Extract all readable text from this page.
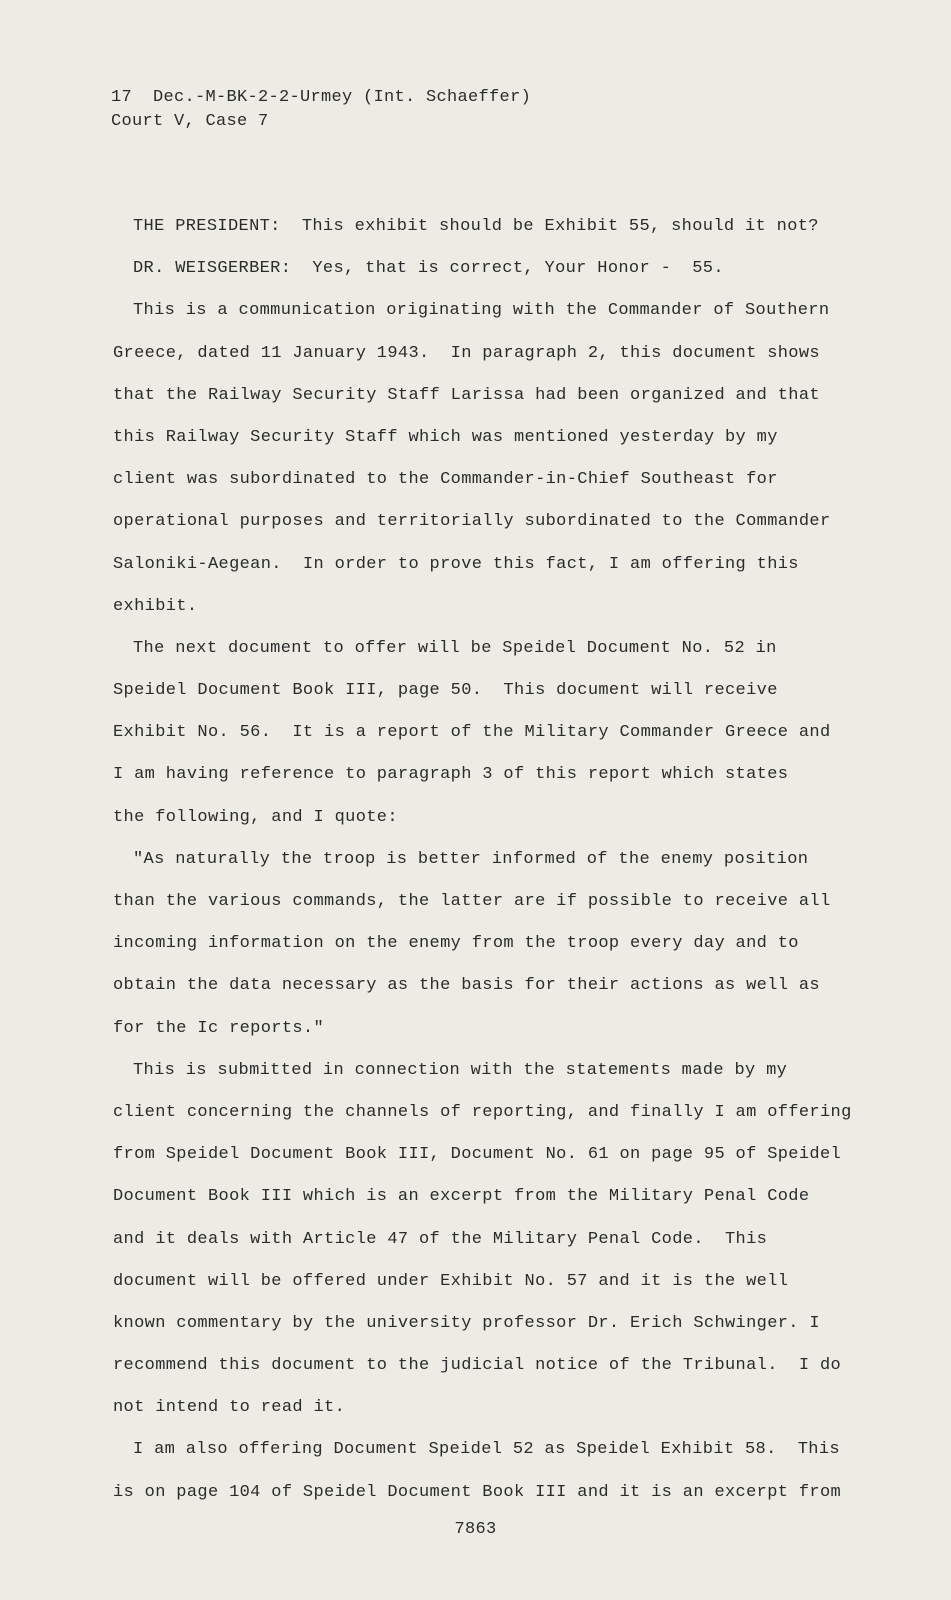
17  Dec.-M-BK-2-2-Urmey (Int. Schaeffer)
Court V, Case 7
THE PRESIDENT:  This exhibit should be Exhibit 55, should it not?
DR. WEISGERBER:  Yes, that is correct, Your Honor -  55.
This is a communication originating with the Commander of Southern
Greece, dated 11 January 1943.  In paragraph 2, this document shows
that the Railway Security Staff Larissa had been organized and that
this Railway Security Staff which was mentioned yesterday by my
client was subordinated to the Commander-in-Chief Southeast for
operational purposes and territorially subordinated to the Commander
Saloniki-Aegean.  In order to prove this fact, I am offering this
exhibit.
The next document to offer will be Speidel Document No. 52 in
Speidel Document Book III, page 50.  This document will receive
Exhibit No. 56.  It is a report of the Military Commander Greece and
I am having reference to paragraph 3 of this report which states
the following, and I quote:
"As naturally the troop is better informed of the enemy position
than the various commands, the latter are if possible to receive all
incoming information on the enemy from the troop every day and to
obtain the data necessary as the basis for their actions as well as
for the Ic reports."
This is submitted in connection with the statements made by my
client concerning the channels of reporting, and finally I am offering
from Speidel Document Book III, Document No. 61 on page 95 of Speidel
Document Book III which is an excerpt from the Military Penal Code
and it deals with Article 47 of the Military Penal Code.  This
document will be offered under Exhibit No. 57 and it is the well
known commentary by the university professor Dr. Erich Schwinger. I
recommend this document to the judicial notice of the Tribunal.  I do
not intend to read it.
I am also offering Document Speidel 52 as Speidel Exhibit 58.  This
is on page 104 of Speidel Document Book III and it is an excerpt from
7863
